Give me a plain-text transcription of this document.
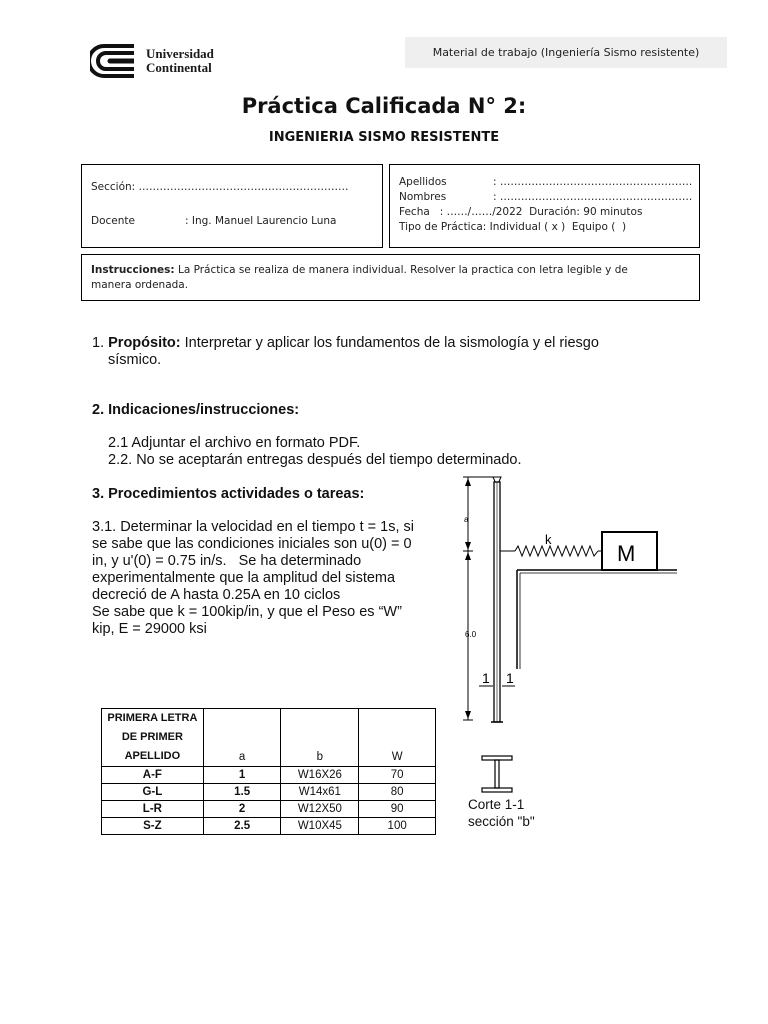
Universidad
Continental
Material de trabajo (Ingeniería Sismo resistente)
Práctica Calificada N° 2:
INGENIERIA SISMO RESISTENTE
Sección: ……………………………………………………
Docente	: Ing. Manuel Laurencio Luna
Apellidos	: ……………………………………………….
Nombres	: ……………………………………………….
Fecha   : ……/……/2022  Duración: 90 minutos
Tipo de Práctica: Individual ( x )  Equipo (  )
Instrucciones: La Práctica se realiza de manera individual. Resolver la practica con letra legible y de
manera ordenada.
1. Propósito: Interpretar y aplicar los fundamentos de la sismología y el riesgo
sísmico.
2. Indicaciones/instrucciones:
2.1 Adjuntar el archivo en formato PDF.
2.2. No se aceptarán entregas después del tiempo determinado.
3. Procedimientos actividades o tareas:
3.1. Determinar la velocidad en el tiempo t = 1s, si
se sabe que las condiciones iniciales son u(0) = 0
in, y u'(0) = 0.75 in/s.   Se ha determinado
experimentalmente que la amplitud del sistema
decreció de A hasta 0.25A en 10 ciclos
Se sabe que k = 100kip/in, y que el Peso es “W”
kip, E = 29000 ksi
a
6.0
k
M
1 1
Corte 1-1
sección "b"
PRIMERA LETRA
DE PRIMER
APELLIDO	a	b	W
A-F	1	W16X26	70
G-L	1.5	W14x61	80
L-R	2	W12X50	90
S-Z	2.5	W10X45	100
